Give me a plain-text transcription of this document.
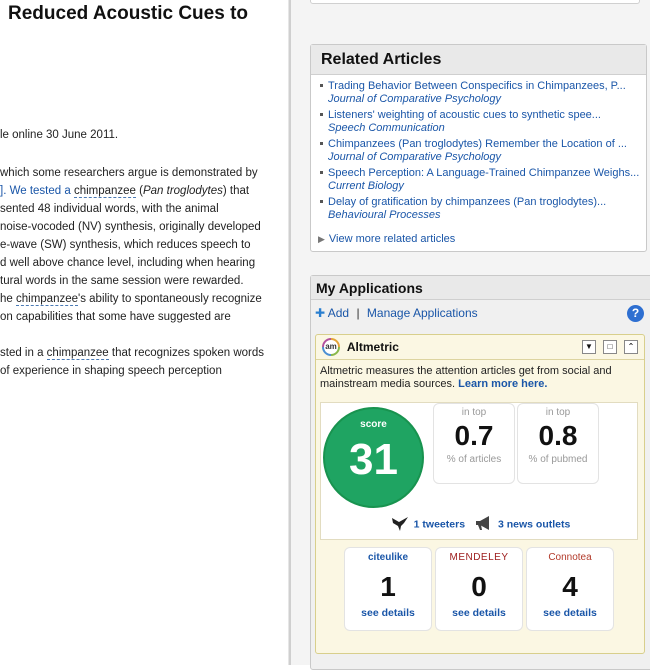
Reduced Acoustic Cues to
le online 30 June 2011.
which some researchers argue is demonstrated by
]. We tested a chimpanzee (Pan troglodytes) that
sented 48 individual words, with the animal
noise-vocoded (NV) synthesis, originally developed
e-wave (SW) synthesis, which reduces speech to
d well above chance level, including when hearing
tural words in the same session were rewarded.
he chimpanzee's ability to spontaneously recognize
on capabilities that some have suggested are
sted in a chimpanzee that recognizes spoken words
of experience in shaping speech perception
Related Articles
Trading Behavior Between Conspecifics in Chimpanzees, P...
Journal of Comparative Psychology
Listeners' weighting of acoustic cues to synthetic spee...
Speech Communication
Chimpanzees (Pan troglodytes) Remember the Location of ...
Journal of Comparative Psychology
Speech Perception: A Language-Trained Chimpanzee Weighs...
Current Biology
Delay of gratification by chimpanzees (Pan troglodytes)...
Behavioural Processes
▶ View more related articles
My Applications
✚ Add | Manage Applications	?
am Altmetric	▼	□	⌃
Altmetric measures the attention articles get from social and mainstream media sources. Learn more here.
score
31
in top
0.7
% of articles
in top
0.8
% of pubmed
1 tweeters	3 news outlets
citeulike
1
see details
MENDELEY
0
see details
Connotea
4
see details
